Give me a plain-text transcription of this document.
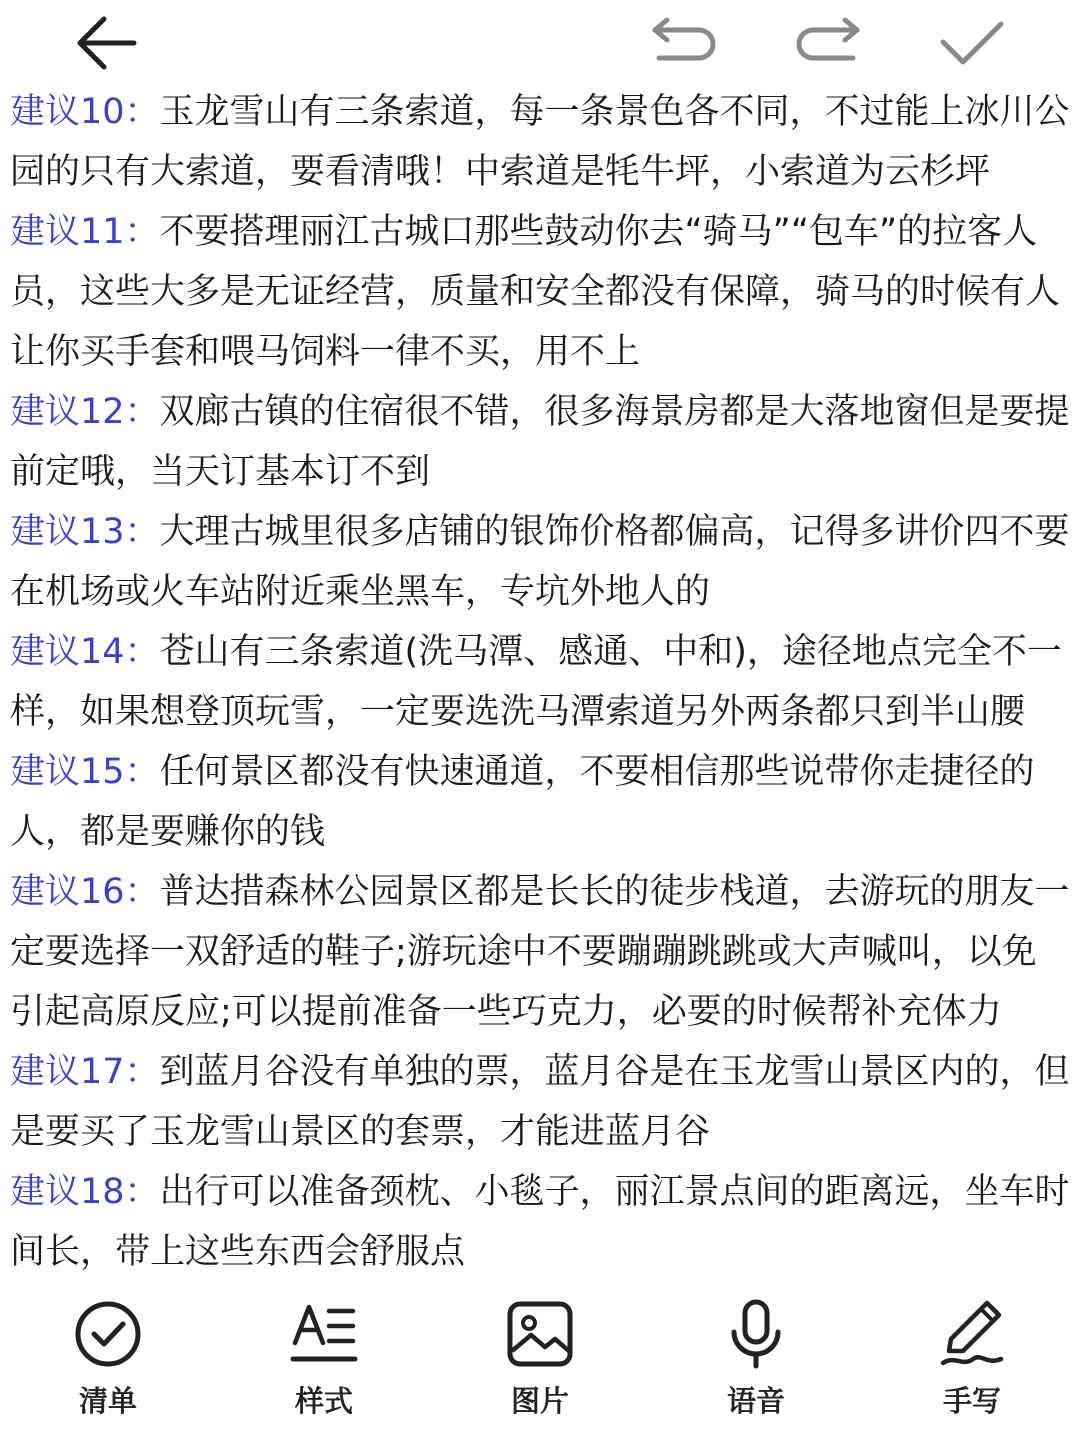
建议10：玉龙雪山有三条索道，每一条景色各不同，不过能上冰川公园的只有大索道，要看清哦！中索道是牦牛坪，小索道为云杉坪

建议11：不要搭理丽江古城口那些鼓动你去“骑马”“包车”的拉客人员，这些大多是无证经营，质量和安全都没有保障，骑马的时候有人让你买手套和喂马饲料一律不买，用不上

建议12：双廊古镇的住宿很不错，很多海景房都是大落地窗但是要提前定哦，当天订基本订不到

建议13：大理古城里很多店铺的银饰价格都偏高，记得多讲价四不要在机场或火车站附近乘坐黑车，专坑外地人的

建议14：苍山有三条索道(洗马潭、感通、中和)，途径地点完全不一样，如果想登顶玩雪，一定要选洗马潭索道另外两条都只到半山腰

建议15：任何景区都没有快速通道，不要相信那些说带你走捷径的人，都是要赚你的钱

建议16：普达措森林公园景区都是长长的徒步栈道，去游玩的朋友一定要选择一双舒适的鞋子;游玩途中不要蹦蹦跳跳或大声喊叫，以免引起高原反应;可以提前准备一些巧克力，必要的时候帮补充体力

建议17：到蓝月谷没有单独的票，蓝月谷是在玉龙雪山景区内的，但是要买了玉龙雪山景区的套票，才能进蓝月谷

建议18：出行可以准备颈枕、小毯子，丽江景点间的距离远，坐车时间长，带上这些东西会舒服点

清单	样式	图片	语音	手写
